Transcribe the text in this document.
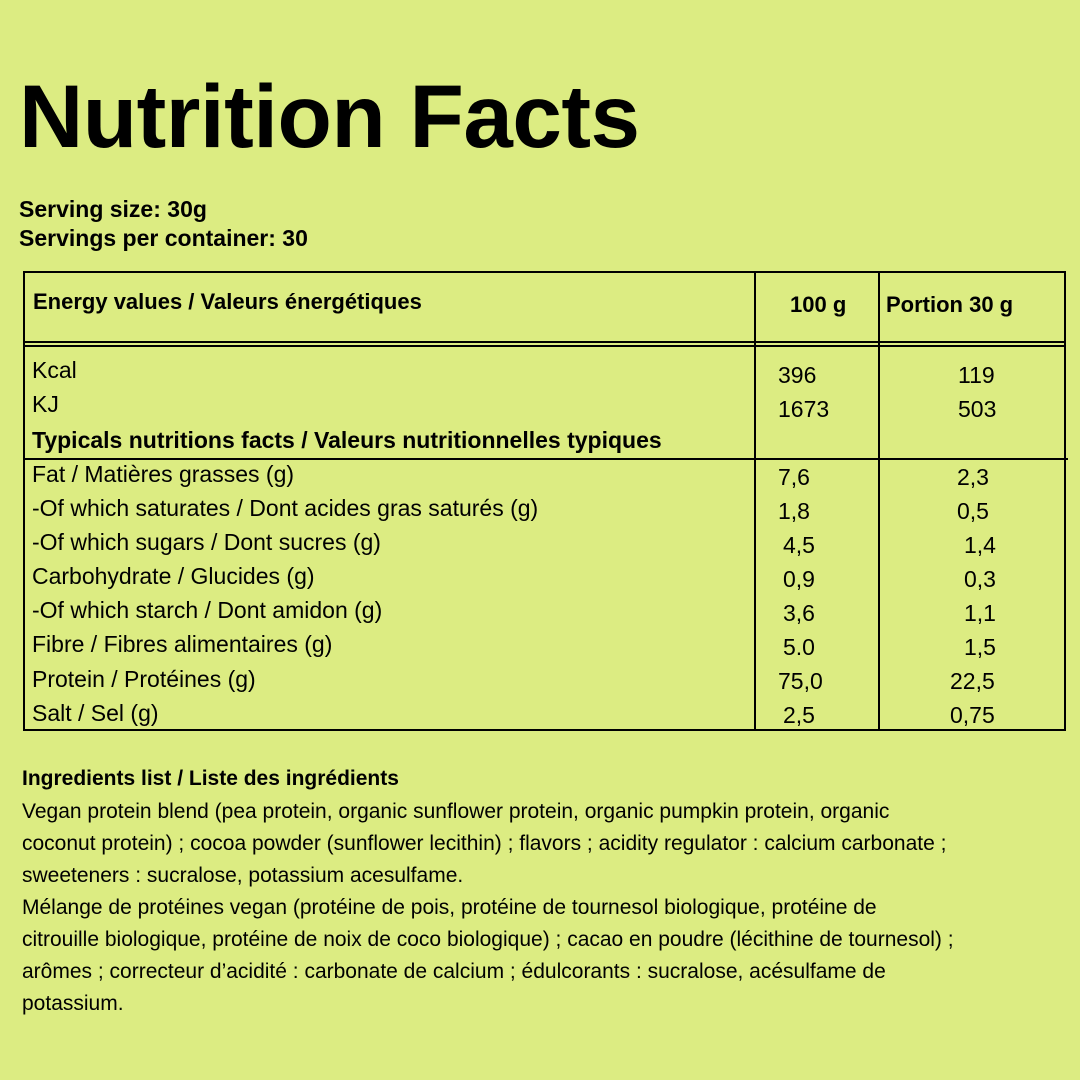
Nutrition Facts
Serving size: 30g
Servings per container: 30
Energy values / Valeurs énergétiques	100 g Portion 30 g
Kcal	396	119
KJ	1673	503
Typicals nutritions facts / Valeurs nutritionnelles typiques
Fat / Matières grasses (g)	7,6	2,3
-Of which saturates / Dont acides gras saturés (g)	1,8	0,5
-Of which sugars / Dont sucres (g)	4,5	1,4
Carbohydrate / Glucides (g)	0,9	0,3
-Of which starch / Dont amidon (g)	3,6	1,1
Fibre / Fibres alimentaires (g)	5.0	1,5
Protein / Protéines (g)	75,0	22,5
Salt / Sel (g)	2,5	0,75
Ingredients list / Liste des ingrédients
Vegan protein blend (pea protein, organic sunflower protein, organic pumpkin protein, organic
coconut protein) ; cocoa powder (sunflower lecithin) ; flavors ; acidity regulator : calcium carbonate ;
sweeteners : sucralose, potassium acesulfame.
Mélange de protéines vegan (protéine de pois, protéine de tournesol biologique, protéine de
citrouille biologique, protéine de noix de coco biologique) ; cacao en poudre (lécithine de tournesol) ;
arômes ; correcteur d’acidité : carbonate de calcium ; édulcorants : sucralose, acésulfame de
potassium.
